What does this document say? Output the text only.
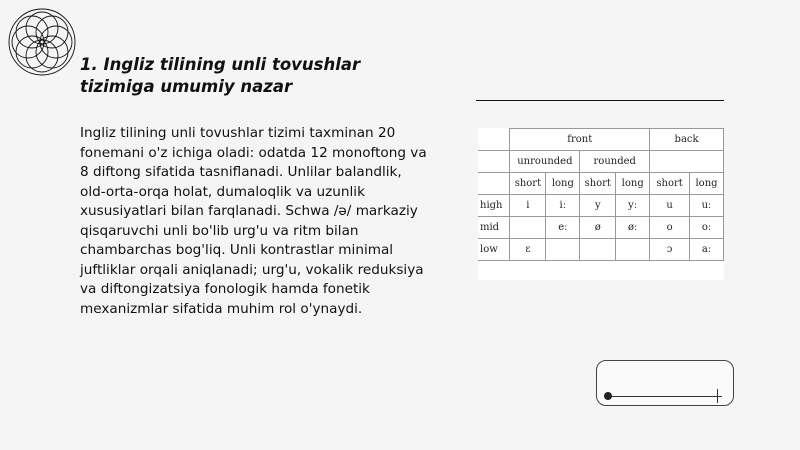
1. Ingliz tilining unli tovushlar tizimiga umumiy nazar
Ingliz tilining unli tovushlar tizimi taxminan 20 fonemani o'z ichiga oladi: odatda 12 monoftong va 8 diftong sifatida tasniflanadi. Unlilar balandlik, old-orta-orqa holat, dumaloqlik va uzunlik xususiyatlari bilan farqlanadi. Schwa /ə/ markaziy qisqaruvchi unli bo'lib urg'u va ritm bilan chambarchas bog'liq. Unli kontrastlar minimal juftliklar orqali aniqlanadi; urg'u, vokalik reduksiya va diftongizatsiya fonologik hamda fonetik mexanizmlar sifatida muhim rol o'ynaydi.
	front				back	
	unrounded		rounded			
	short	long	short	long	short	long
high	i	iː	y	yː	u	uː
mid		eː	ø	øː	o	oː
low	ɛ				ɔ	aː
